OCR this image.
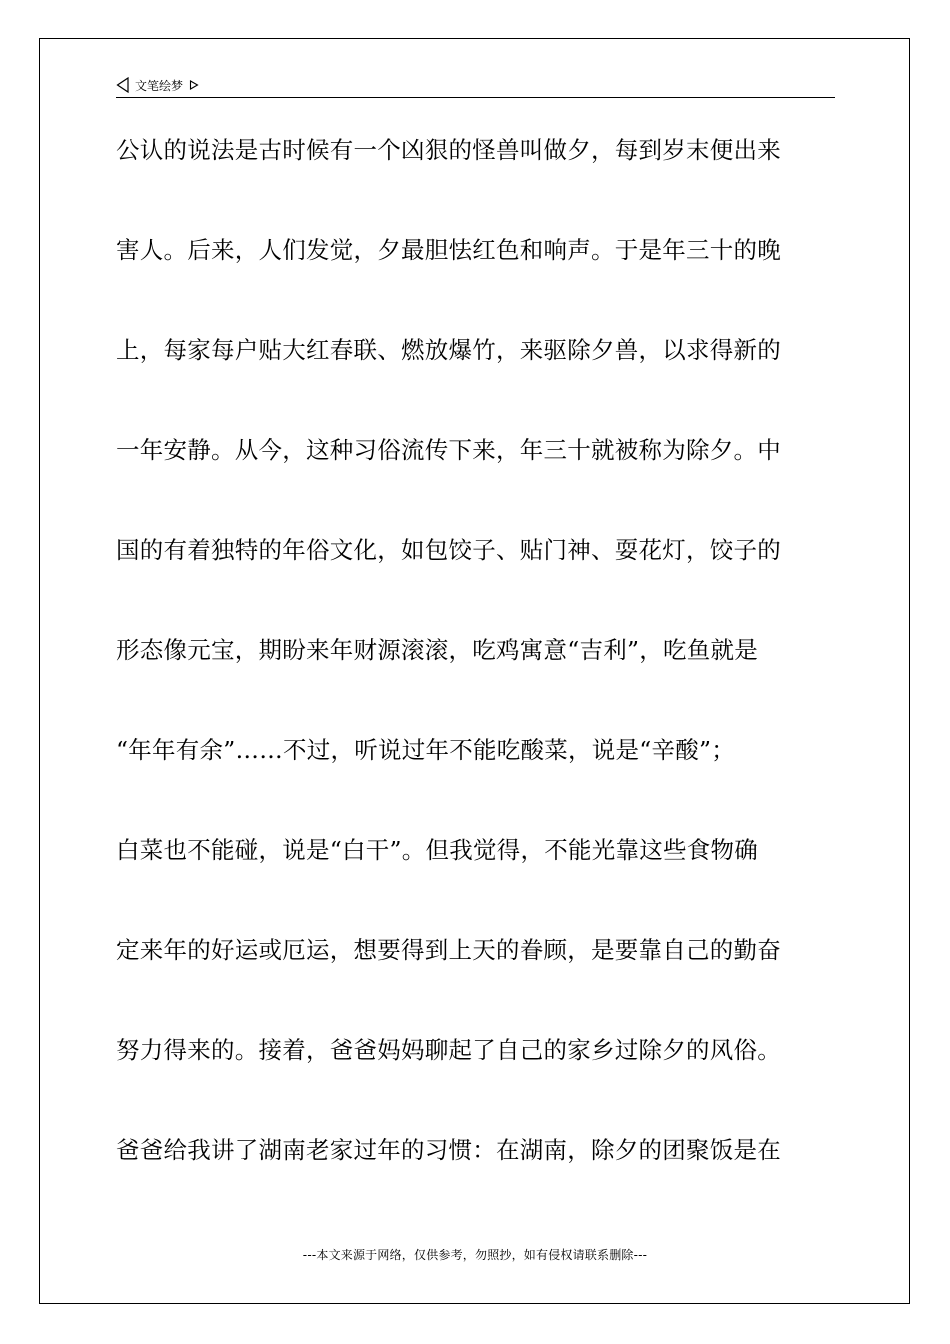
文笔绘梦
公认的说法是古时候有一个凶狠的怪兽叫做夕，每到岁末便出来
害人。后来，人们发觉，夕最胆怯红色和响声。于是年三十的晚
上，每家每户贴大红春联、燃放爆竹，来驱除夕兽，以求得新的
一年安静。从今，这种习俗流传下来，年三十就被称为除夕。中
国的有着独特的年俗文化，如包饺子、贴门神、耍花灯，饺子的
形态像元宝，期盼来年财源滚滚，吃鸡寓意“吉利”，吃鱼就是
“年年有余”……不过，听说过年不能吃酸菜，说是“辛酸”；
白菜也不能碰，说是“白干”。但我觉得，不能光靠这些食物确
定来年的好运或厄运，想要得到上天的眷顾，是要靠自己的勤奋
努力得来的。接着，爸爸妈妈聊起了自己的家乡过除夕的风俗。
爸爸给我讲了湖南老家过年的习惯：在湖南，除夕的团聚饭是在
---本文来源于网络，仅供参考，勿照抄，如有侵权请联系删除---
